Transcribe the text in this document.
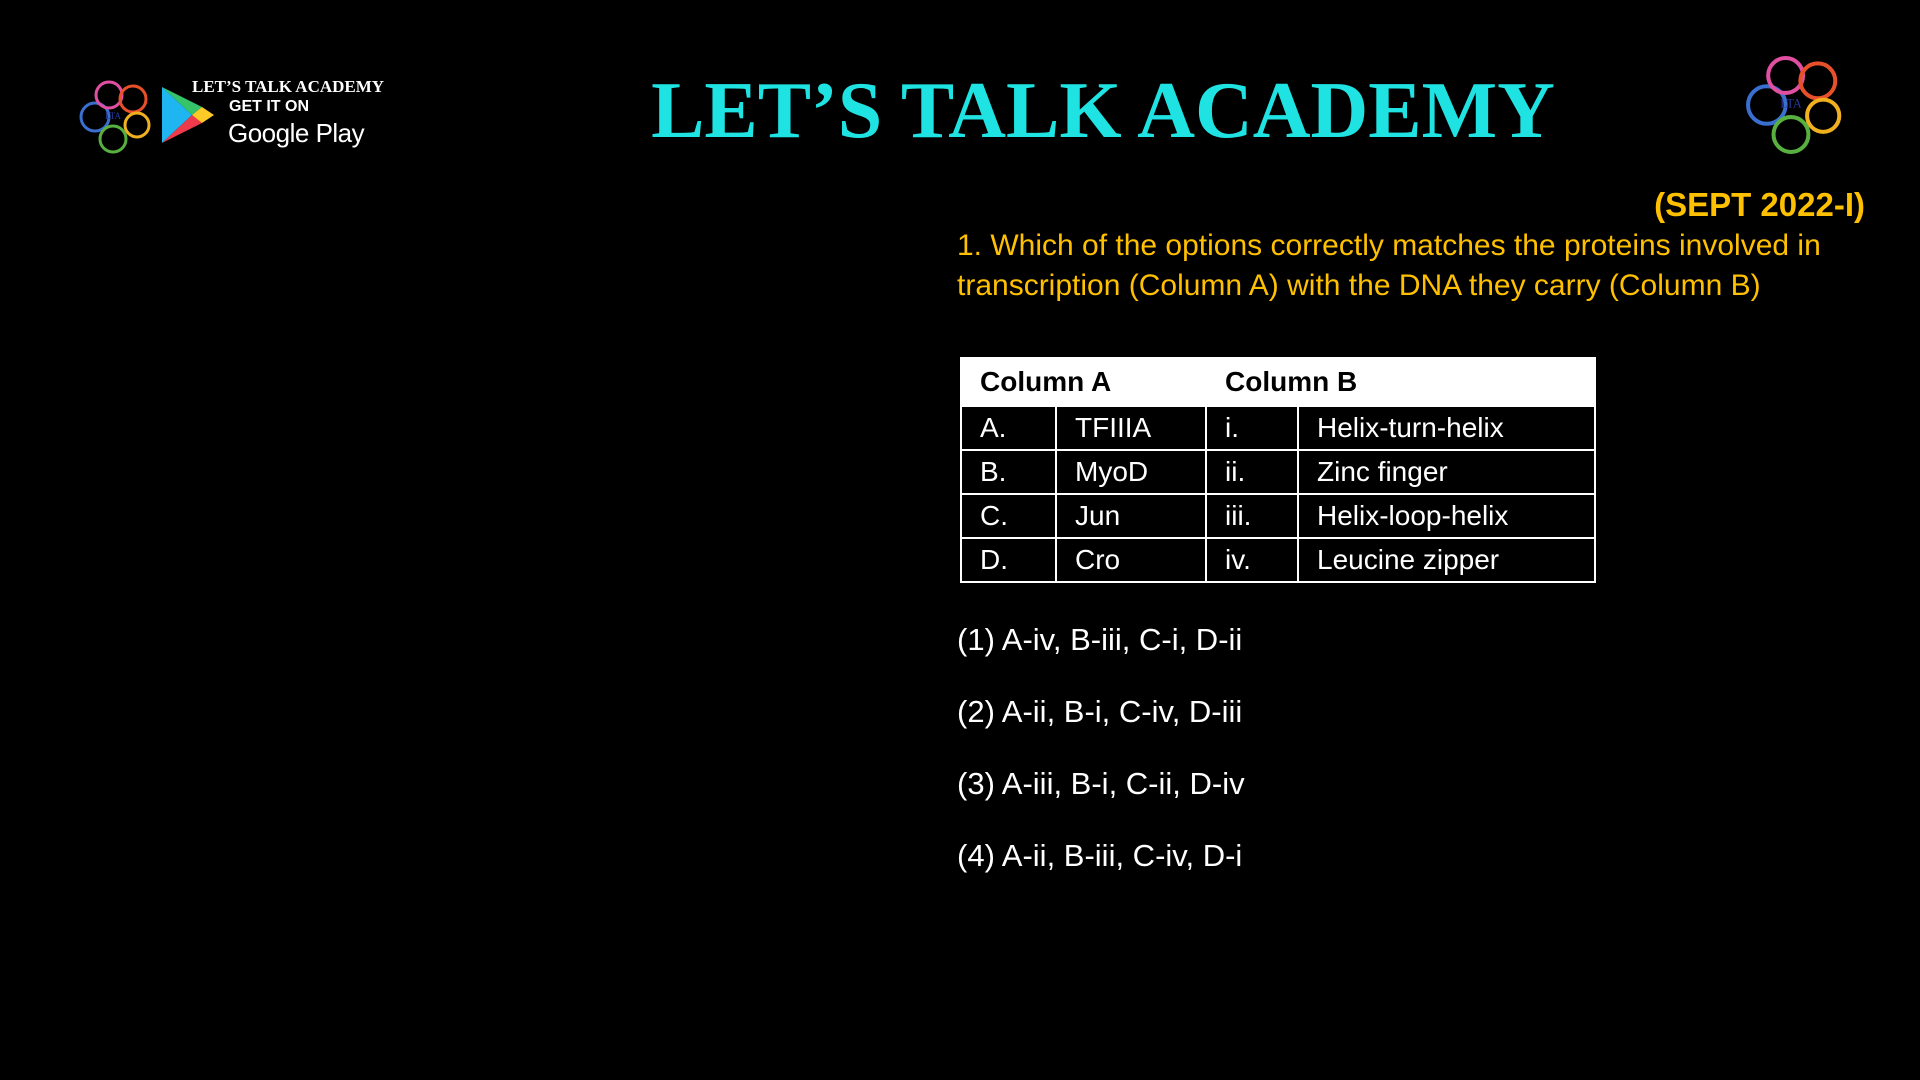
LTA
LET’S TALK ACADEMY
GET IT ON
Google Play	LET’S TALK ACADEMY	LTA
(SEPT 2022-I)
1. Which of the options correctly matches the proteins involved in transcription (Column A) with the DNA they carry (Column B)
Column A		Column B	
A.	TFIIIA	i.	Helix-turn-helix
B.	MyoD	ii.	Zinc finger
C.	Jun	iii.	Helix-loop-helix
D.	Cro	iv.	Leucine zipper
(1) A-iv, B-iii, C-i, D-ii
(2) A-ii, B-i, C-iv, D-iii
(3) A-iii, B-i, C-ii, D-iv
(4) A-ii, B-iii, C-iv, D-i
